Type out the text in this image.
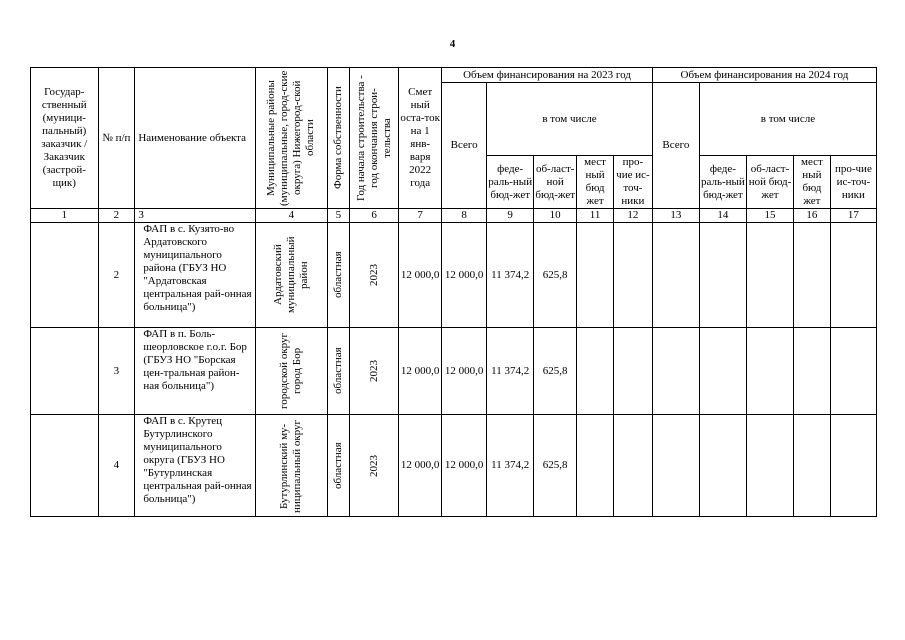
4
Государ-ственный (муници-пальный) заказчик / Заказчик (застрой-щик)	№ п/п	Наименование объекта	Муниципальные районы (муниципальные, город-ские округа) Нижегород-ской области	Форма собственности	Год начала строительства - год окончания строи-тельства	Смет ный оста-ток на 1 янв-варя 2022 года	Объем финансирования на 2023 год					Объем финансирования на 2024 год				
							Всего	в том числе				Всего	в том числе			
								феде-раль-ный бюд-жет	об-ласт-ной бюд-жет	мест ный бюд жет	про-чие ис-точ-ники		феде-раль-ный бюд-жет	об-ласт-ной бюд-жет	мест ный бюд жет	про-чие ис-точ-ники
1	2	3	4	5	6	7	8	9	10	11	12	13	14	15	16	17
	2	ФАП в с. Кузято-во Ардатовского муниципального района (ГБУЗ НО "Ардатовская центральная рай-онная больница")	Ардатовский муниципальный район	областная	2023	12 000,0	12 000,0	11 374,2	625,8							
	3	ФАП в п. Боль-шеорловское г.о.г. Бор (ГБУЗ НО "Борская цен-тральная район-ная больница")	городской округ город Бор	областная	2023	12 000,0	12 000,0	11 374,2	625,8							
	4	ФАП в с. Крутец Бутурлинского муниципального округа (ГБУЗ НО "Бутурлинская центральная рай-онная больница")	Бутурлинский му-ниципальный округ	областная	2023	12 000,0	12 000,0	11 374,2	625,8							
